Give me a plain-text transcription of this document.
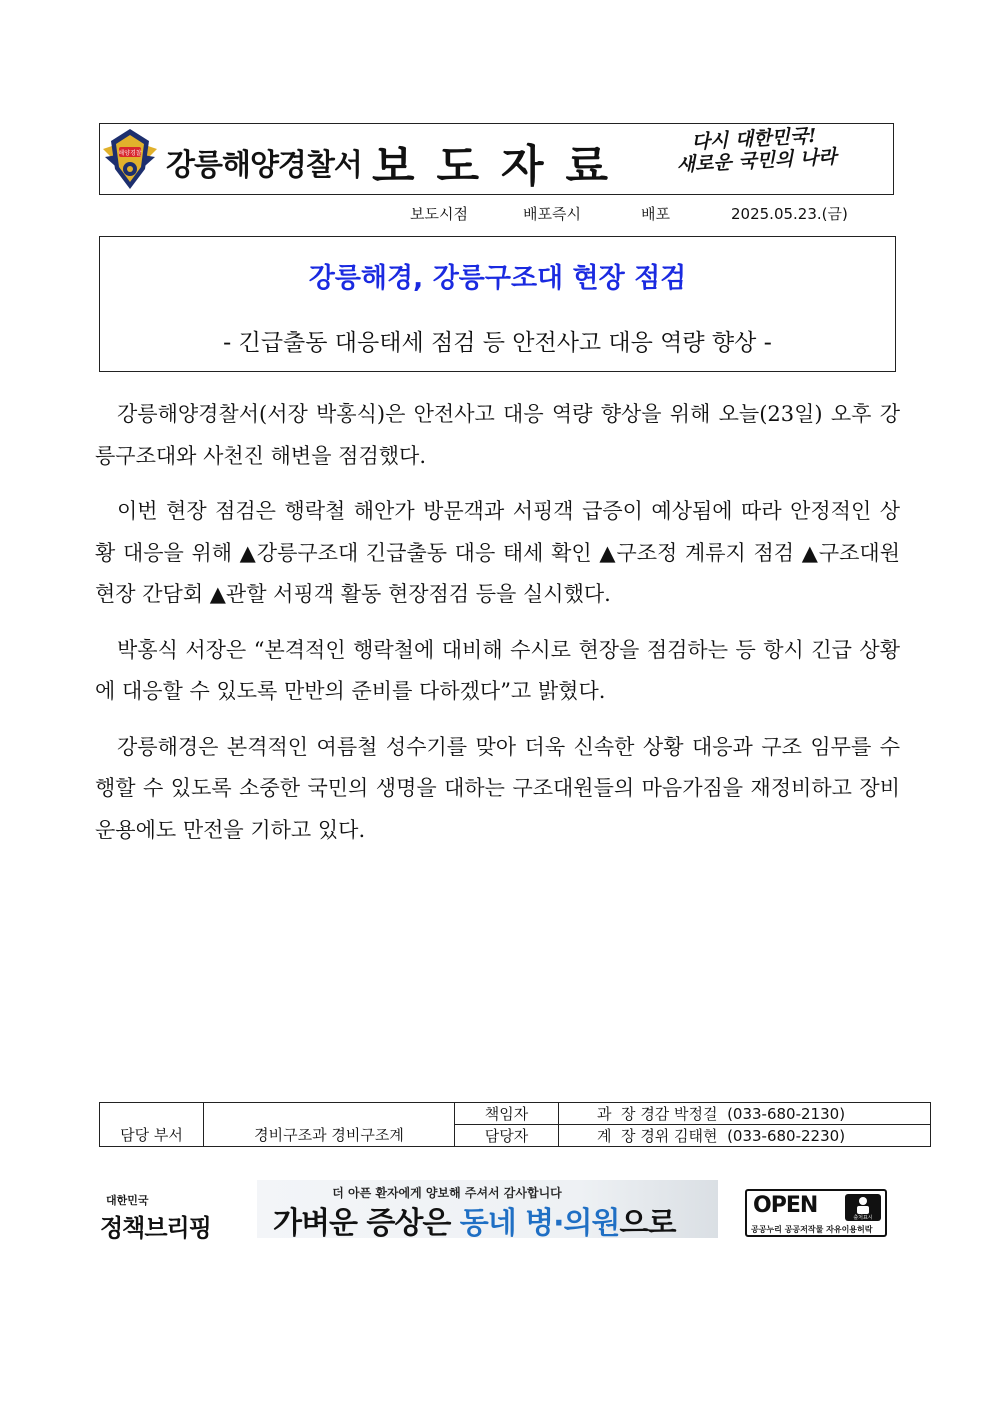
해양경찰 강릉해양경찰서 보도자료
다시 대한민국!
새로운 국민의 나라
보도시점	배포즉시	배포	2025.05.23.(금)
강릉해경, 강릉구조대 현장 점검
- 긴급출동 대응태세 점검 등 안전사고 대응 역량 향상 -

강릉해양경찰서(서장 박홍식)은 안전사고 대응 역량 향상을 위해 오늘(23일) 오후 강릉구조대와 사천진 해변을 점검했다.

이번 현장 점검은 행락철 해안가 방문객과 서핑객 급증이 예상됨에 따라 안정적인 상황 대응을 위해 ▲강릉구조대 긴급출동 대응 태세 확인 ▲구조정 계류지 점검 ▲구조대원 현장 간담회 ▲관할 서핑객 활동 현장점검 등을 실시했다.

박홍식 서장은 “본격적인 행락철에 대비해 수시로 현장을 점검하는 등 항시 긴급 상황에 대응할 수 있도록 만반의 준비를 다하겠다”고 밝혔다.

강릉해경은 본격적인 여름철 성수기를 맞아 더욱 신속한 상황 대응과 구조 임무를 수행할 수 있도록 소중한 국민의 생명을 대하는 구조대원들의 마음가짐을 재정비하고 장비 운용에도 만전을 기하고 있다.

담당 부서	경비구조과 경비구조계	책임자	과  장 경감 박정걸 (033-680-2130)
		담당자	계  장 경위 김태현 (033-680-2230)
대한민국
정책브리핑
더 아픈 환자에게 양보해 주셔서 감사합니다
가벼운 증상은 동네 병·의원으로
OPEN	출처표시
공공누리 공공저작물 자유이용허락
